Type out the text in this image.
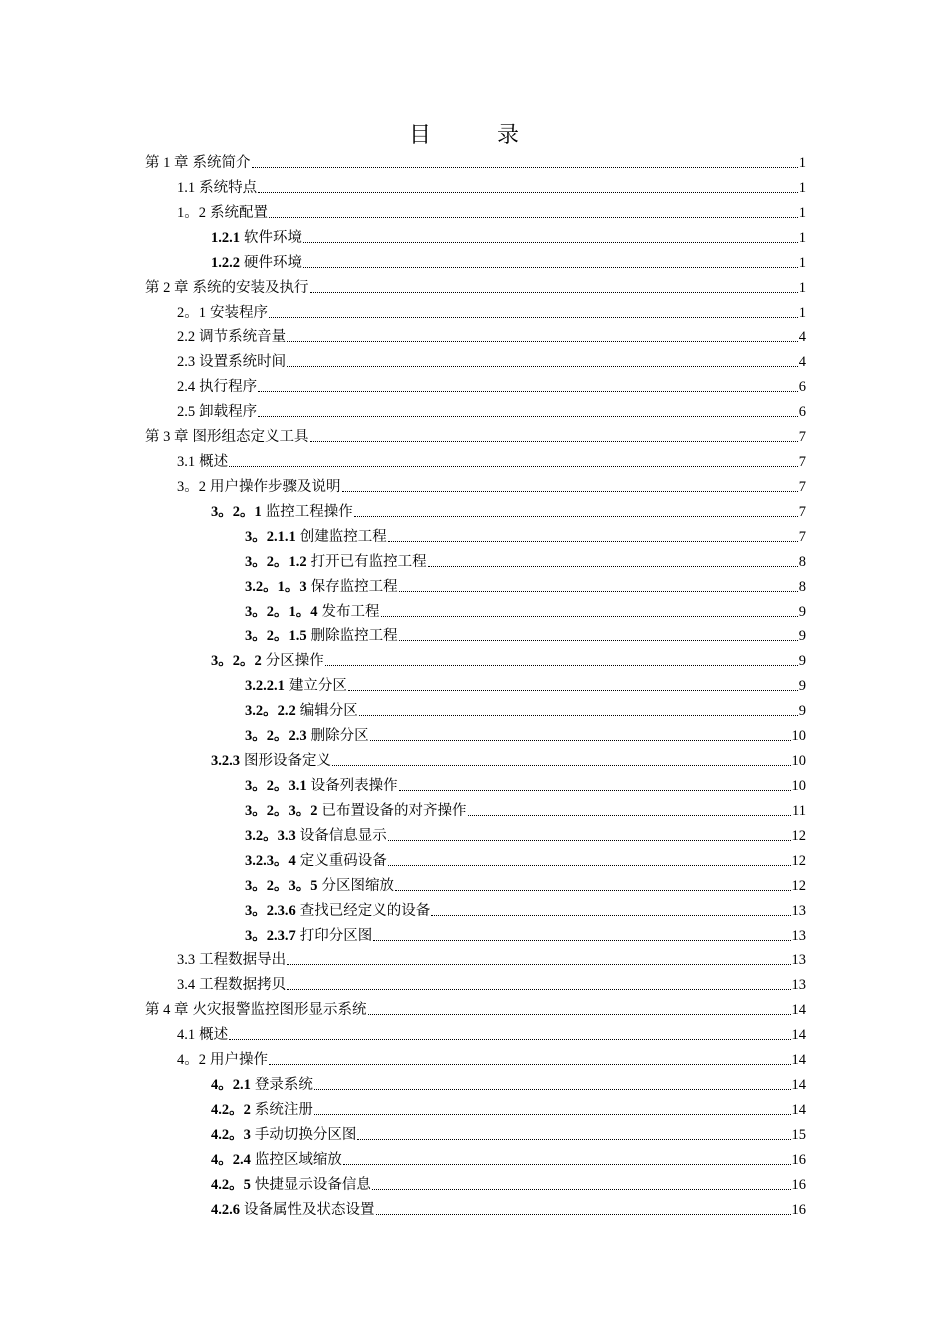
目　录
第 1 章 系统简介	1
1.1 系统特点	1
1。2 系统配置	1
1.2.1 软件环境	1
1.2.2 硬件环境	1
第 2 章 系统的安装及执行	1
2。1 安装程序	1
2.2 调节系统音量	4
2.3 设置系统时间	4
2.4 执行程序	6
2.5 卸载程序	6
第 3 章 图形组态定义工具	7
3.1 概述	7
3。2 用户操作步骤及说明	7
3。2。1 监控工程操作	7
3。2.1.1 创建监控工程	7
3。2。1.2 打开已有监控工程	8
3.2。1。3 保存监控工程	8
3。2。1。4 发布工程	9
3。2。1.5 删除监控工程	9
3。2。2 分区操作	9
3.2.2.1 建立分区	9
3.2。2.2 编辑分区	9
3。2。2.3 删除分区	10
3.2.3 图形设备定义	10
3。2。3.1 设备列表操作	10
3。2。3。2 已布置设备的对齐操作	11
3.2。3.3 设备信息显示	12
3.2.3。4 定义重码设备	12
3。2。3。5 分区图缩放	12
3。2.3.6 查找已经定义的设备	13
3。2.3.7 打印分区图	13
3.3 工程数据导出	13
3.4 工程数据拷贝	13
第 4 章 火灾报警监控图形显示系统	14
4.1 概述	14
4。2 用户操作	14
4。2.1 登录系统	14
4.2。2 系统注册	14
4.2。3 手动切换分区图	15
4。2.4 监控区域缩放	16
4.2。5 快捷显示设备信息	16
4.2.6 设备属性及状态设置	16
